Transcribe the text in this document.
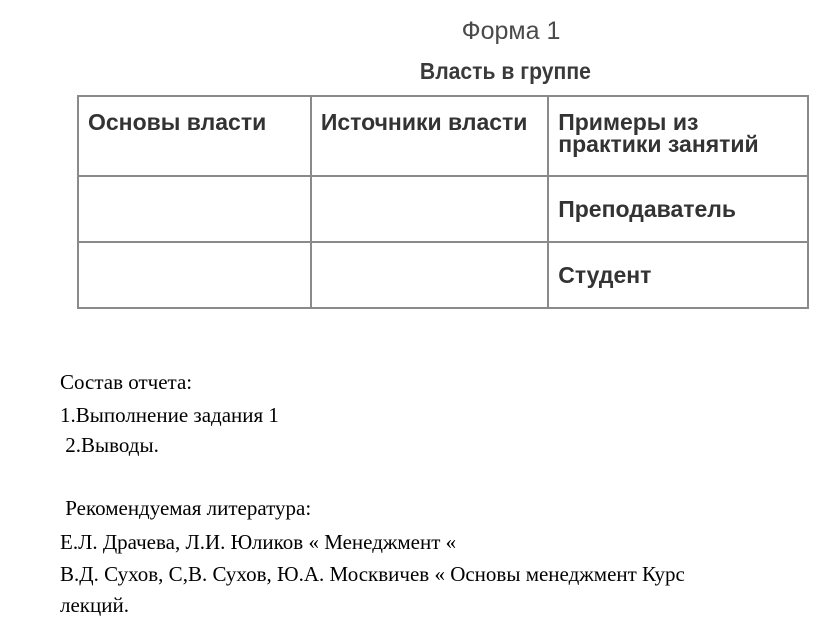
Форма 1
Власть в группе
Основы власти	Источники власти	Примеры из практики занятий
		Преподаватель
		Студент
Состав отчета:
1.Выполнение задания 1
2.Выводы.
Рекомендуемая литература:
Е.Л. Драчева, Л.И. Юликов « Менеджмент «
В.Д. Сухов, С,В. Сухов, Ю.А. Москвичев « Основы менеджмент Курс
лекций.
